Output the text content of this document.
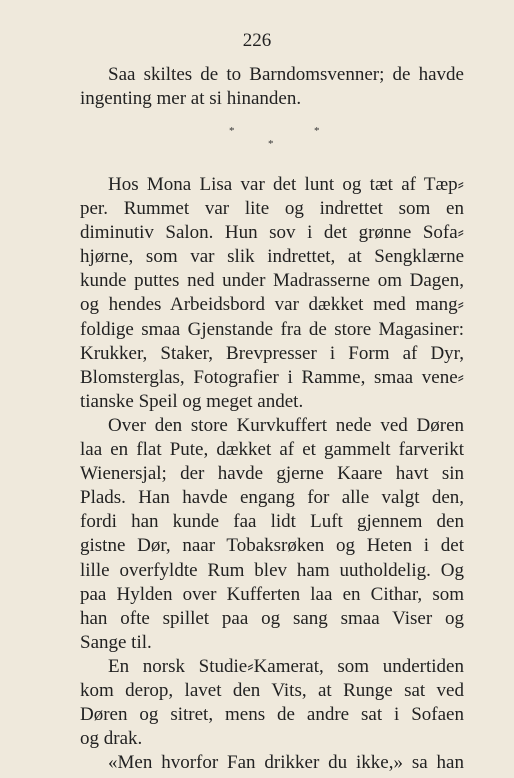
226
Saa skiltes de to Barndomsvenner; de havde
ingenting mer at si hinanden.
*	*
*
Hos Mona Lisa var det lunt og tæt af Tæp⸗
per. Rummet var lite og indrettet som en
diminutiv Salon. Hun sov i det grønne Sofa⸗
hjørne, som var slik indrettet, at Sengklærne
kunde puttes ned under Madrasserne om Dagen,
og hendes Arbeidsbord var dækket med mang⸗
foldige smaa Gjenstande fra de store Magasiner:
Krukker, Staker, Brevpresser i Form af Dyr,
Blomsterglas, Fotografier i Ramme, smaa vene⸗
tianske Speil og meget andet.
Over den store Kurvkuffert nede ved Døren
laa en flat Pute, dækket af et gammelt farverikt
Wienersjal; der havde gjerne Kaare havt sin
Plads. Han havde engang for alle valgt den,
fordi han kunde faa lidt Luft gjennem den
gistne Dør, naar Tobaksrøken og Heten i det
lille overfyldte Rum blev ham uutholdelig. Og
paa Hylden over Kufferten laa en Cithar, som
han ofte spillet paa og sang smaa Viser og
Sange til.
En norsk Studie⸗Kamerat, som undertiden
kom derop, lavet den Vits, at Runge sat ved
Døren og sitret, mens de andre sat i Sofaen
og drak.
«Men hvorfor Fan drikker du ikke,» sa han
